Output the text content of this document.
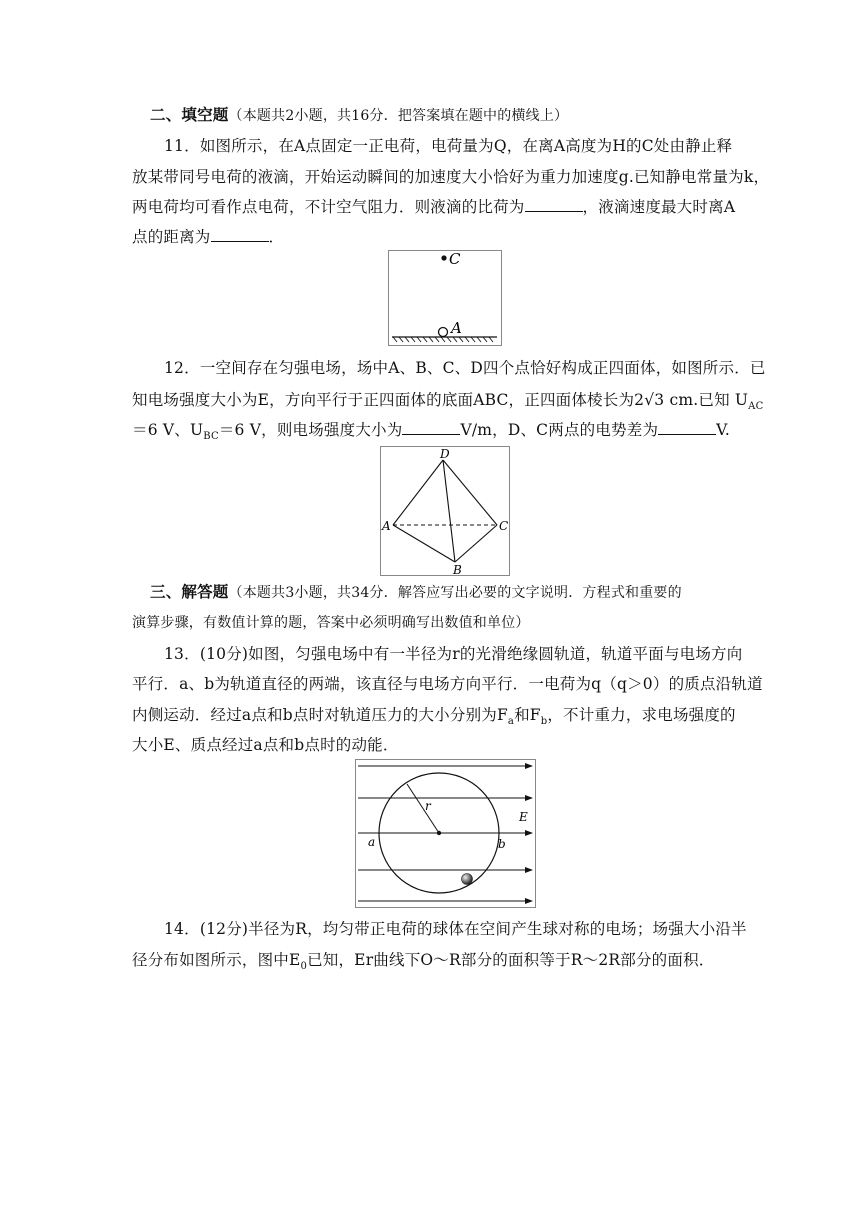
二、填空题（本题共2小题，共16分．把答案填在题中的横线上）
11．如图所示，在A点固定一正电荷，电荷量为Q，在离A高度为H的C处由静止释
放某带同号电荷的液滴，开始运动瞬间的加速度大小恰好为重力加速度g.已知静电常量为k，
两电荷均可看作点电荷，不计空气阻力．则液滴的比荷为	，液滴速度最大时离A
点的距离为	．
C
A
12．一空间存在匀强电场，场中A、B、C、D四个点恰好构成正四面体，如图所示．已
知电场强度大小为E，方向平行于正四面体的底面ABC，正四面体棱长为2√3 cm.已知 $U_{AC}$
＝6 V、$U_{BC}=6$ V，则电场强度大小为	V/m，D、C两点的电势差为	V.
D
A	C
B
三、解答题（本题共3小题，共34分．解答应写出必要的文字说明．方程式和重要的
演算步骤，有数值计算的题，答案中必须明确写出数值和单位）
13．(10分)如图，匀强电场中有一半径为r的光滑绝缘圆轨道，轨道平面与电场方向
平行．a、b为轨道直径的两端，该直径与电场方向平行．一电荷为q（q＞0）的质点沿轨道
内侧运动．经过a点和b点时对轨道压力的大小分别为$F_a$和$F_b$，不计重力，求电场强度的
大小E、质点经过a点和b点时的动能．
r
E
a	b
14．(12分)半径为R，均匀带正电荷的球体在空间产生球对称的电场；场强大小沿半
径分布如图所示，图中$E_0$已知，Er曲线下O～R部分的面积等于R～2R部分的面积．
